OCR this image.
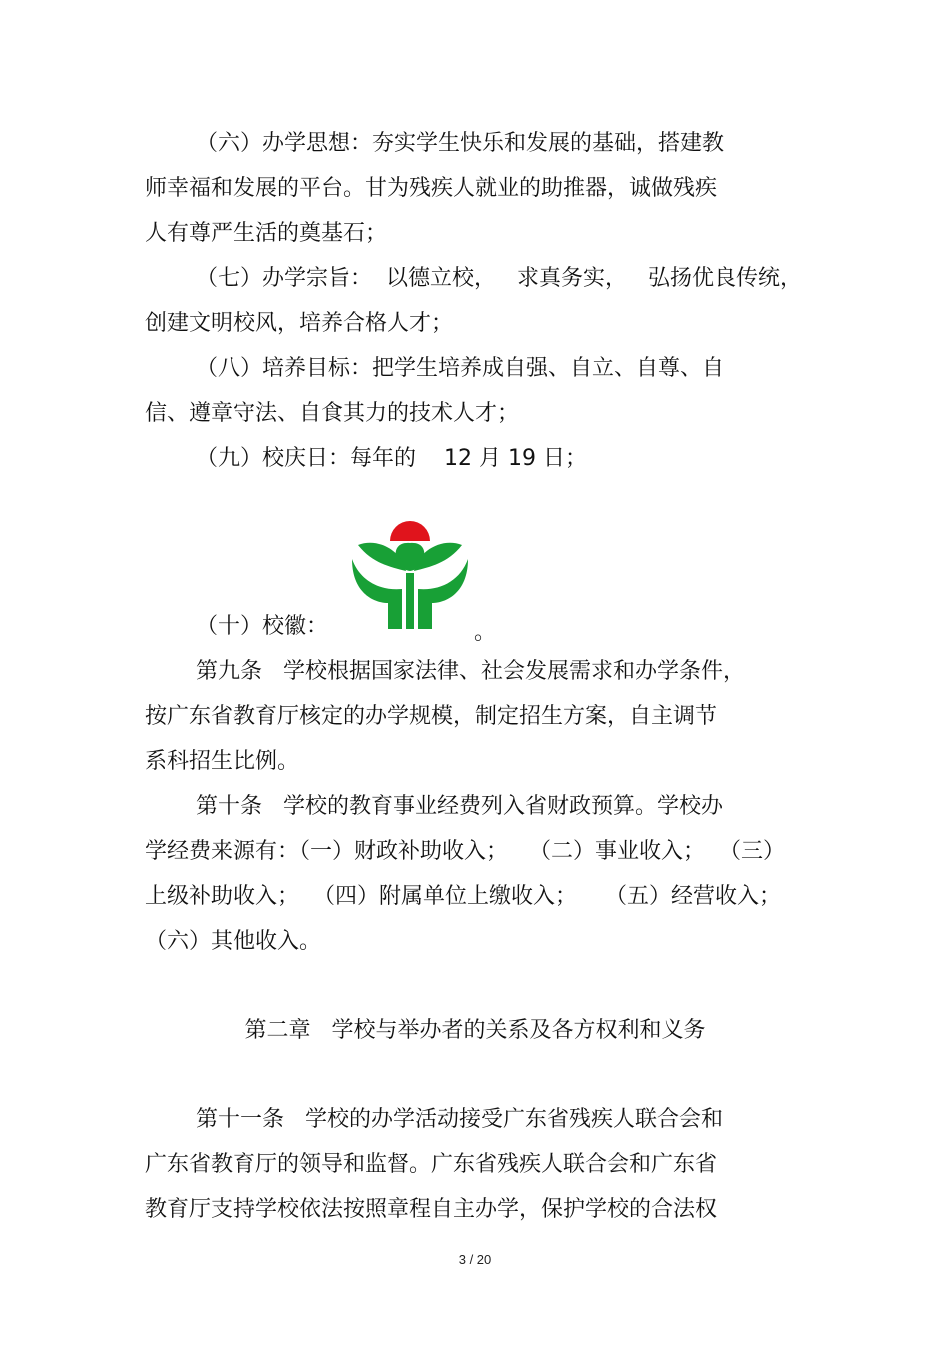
（六）办学思想：夯实学生快乐和发展的基础，搭建教
师幸福和发展的平台。甘为残疾人就业的助推器，诚做残疾
人有尊严生活的奠基石；
（七）办学宗旨：  以德立校，   求真务实，   弘扬优良传统，
创建文明校风，培养合格人才；
（八）培养目标：把学生培养成自强、自立、自尊、自
信、遵章守法、自食其力的技术人才；
（九）校庆日：每年的    12 月 19 日；
（十）校徽：	。
第九条   学校根据国家法律、社会发展需求和办学条件，
按广东省教育厅核定的办学规模，制定招生方案，自主调节
系科招生比例。
第十条   学校的教育事业经费列入省财政预算。学校办
学经费来源有：（一）财政补助收入；   （二）事业收入；  （三）
上级补助收入；  （四）附属单位上缴收入；    （五）经营收入；
（六）其他收入。
第二章   学校与举办者的关系及各方权利和义务
第十一条   学校的办学活动接受广东省残疾人联合会和
广东省教育厅的领导和监督。广东省残疾人联合会和广东省
教育厅支持学校依法按照章程自主办学，保护学校的合法权
3 / 20
